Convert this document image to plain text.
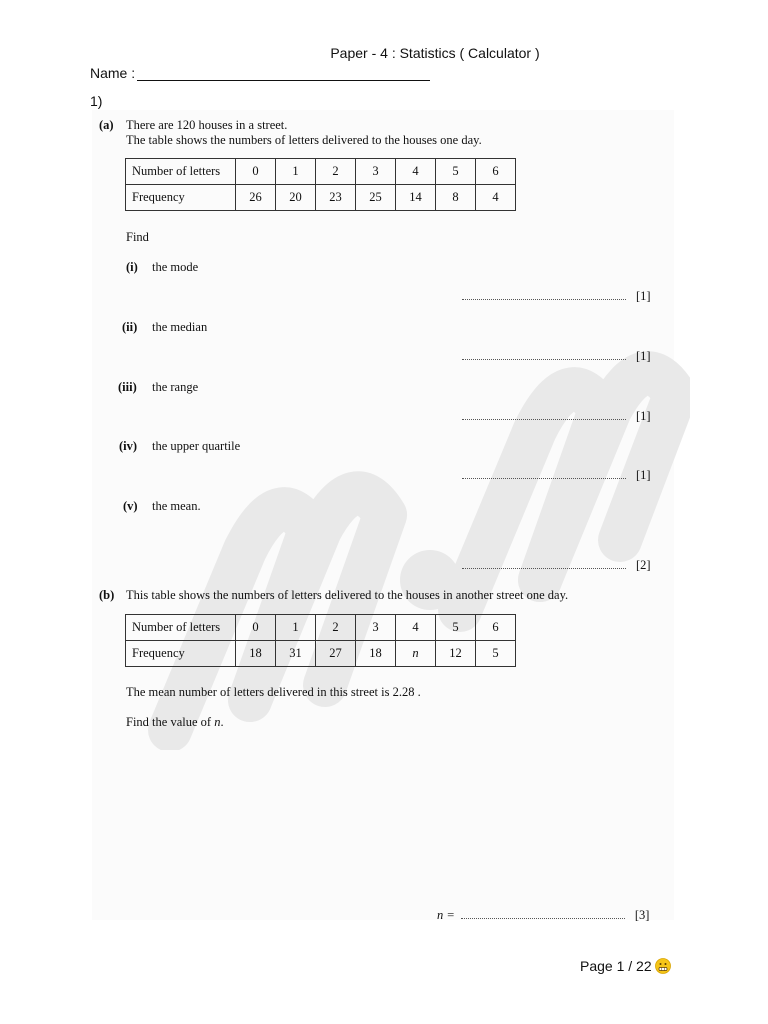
Paper - 4 : Statistics ( Calculator )
Name :
1)
(a) There are 120 houses in a street.
The table shows the numbers of letters delivered to the houses one day.
Number of letters	0	1	2	3	4	5	6
Frequency	26	20	23	25	14	8	4
Find
(i) the mode
[1]
(ii) the median
[1]
(iii) the range
[1]
(iv) the upper quartile
[1]
(v) the mean.
[2]
(b) This table shows the numbers of letters delivered to the houses in another street one day.
Number of letters	0	1	2	3	4	5	6
Frequency	18	31	27	18	n	12	5
The mean number of letters delivered in this street is 2.28 .
Find the value of n.
n =	[3]
Page 1 / 22
